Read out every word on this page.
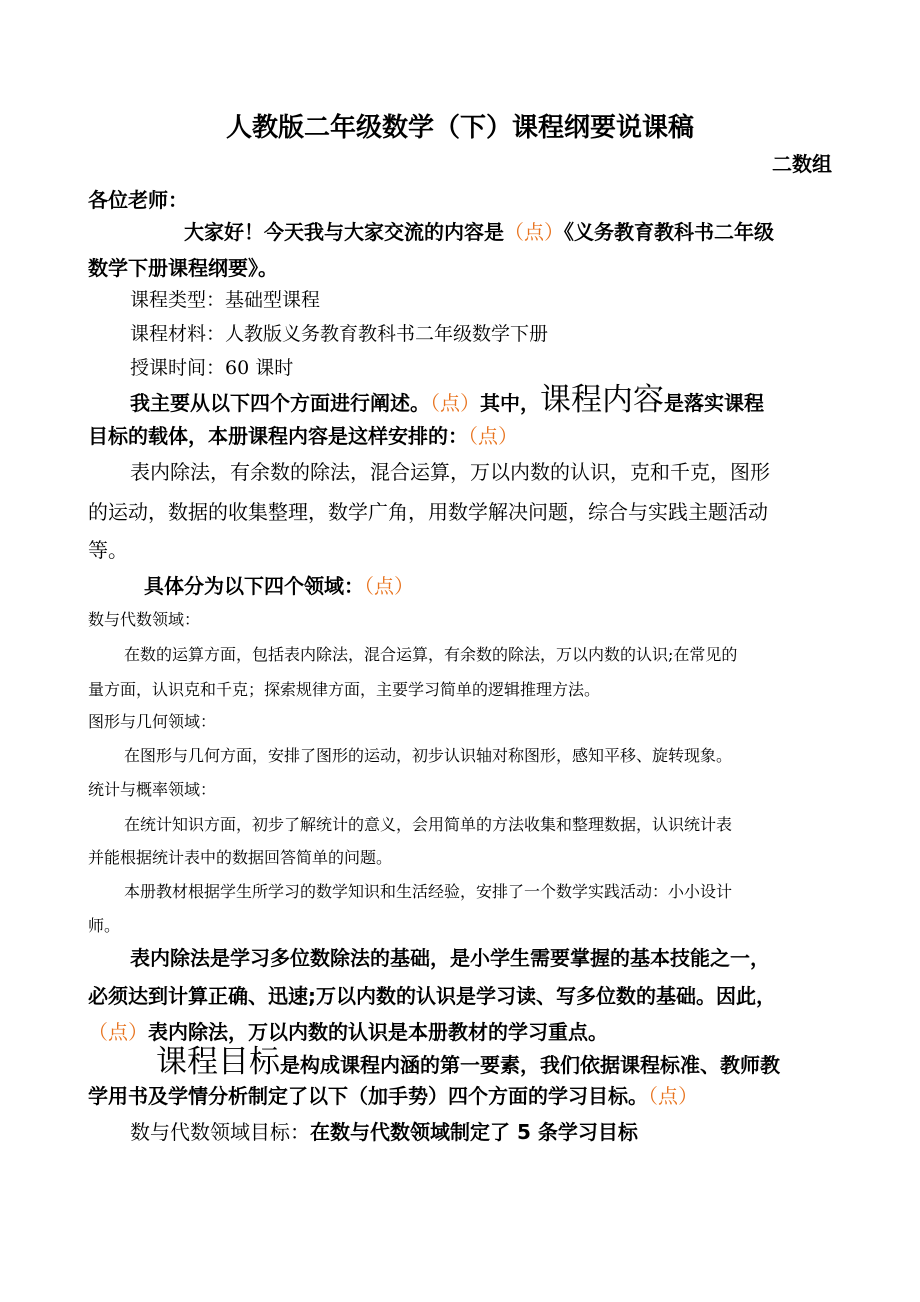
人教版二年级数学（下）课程纲要说课稿
二数组
各位老师：
大家好！今天我与大家交流的内容是（点）《义务教育教科书二年级
数学下册课程纲要》。
课程类型：基础型课程
课程材料：人教版义务教育教科书二年级数学下册
授课时间：60 课时
我主要从以下四个方面进行阐述。（点）其中，课程内容是落实课程
目标的载体，本册课程内容是这样安排的：（点）
表内除法，有余数的除法，混合运算，万以内数的认识，克和千克，图形
的运动，数据的收集整理，数学广角，用数学解决问题，综合与实践主题活动
等。
具体分为以下四个领域：（点）
数与代数领域：
在数的运算方面，包括表内除法，混合运算，有余数的除法，万以内数的认识;在常见的
量方面，认识克和千克；探索规律方面，主要学习简单的逻辑推理方法。
图形与几何领域：
在图形与几何方面，安排了图形的运动，初步认识轴对称图形，感知平移、旋转现象。
统计与概率领域：
在统计知识方面，初步了解统计的意义，会用简单的方法收集和整理数据，认识统计表
并能根据统计表中的数据回答简单的问题。
本册教材根据学生所学习的数学知识和生活经验，安排了一个数学实践活动：小小设计
师。
表内除法是学习多位数除法的基础，是小学生需要掌握的基本技能之一，
必须达到计算正确、迅速;万以内数的认识是学习读、写多位数的基础。因此，
（点）表内除法，万以内数的认识是本册教材的学习重点。
课程目标是构成课程内涵的第一要素，我们依据课程标准、教师教
学用书及学情分析制定了以下（加手势）四个方面的学习目标。（点）
数与代数领域目标：在数与代数领域制定了 5 条学习目标
